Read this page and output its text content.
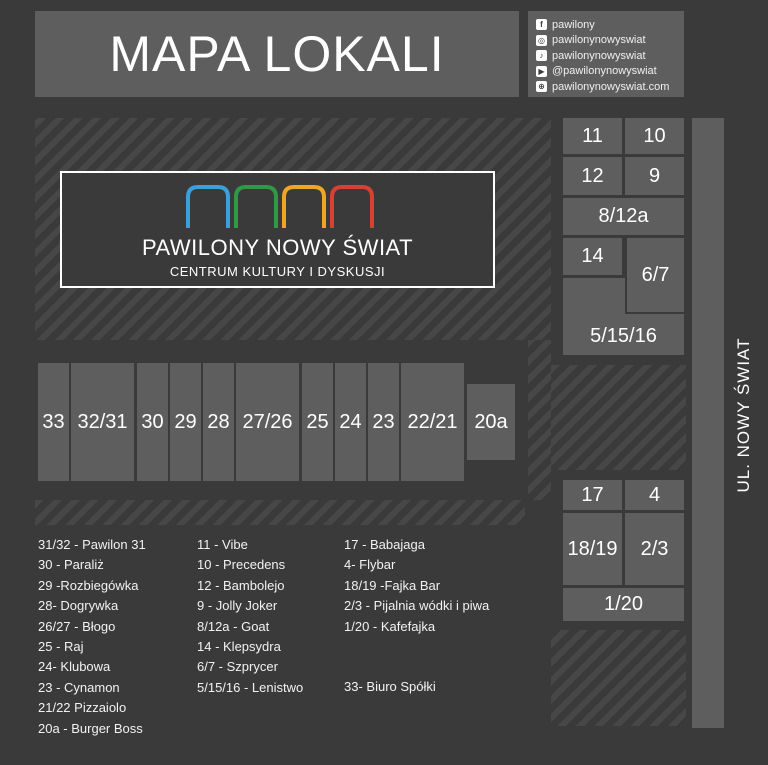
MAPA LOKALI
f pawilony
◎ pawilonynowyswiat
♪ pawilonynowyswiat
▶ @pawilonynowyswiat
⊕ pawilonynowyswiat.com
PAWILONY NOWY ŚWIAT
CENTRUM KULTURY I DYSKUSJI
11	10
12	9
8/12a
14
5/15/16
6/7
33 32/31 30 29 28 27/26 25 24 23 22/21 20a
17	4
18/19	2/3
1/20
UL. NOWY ŚWIAT
31/32 - Pawilon 31
30 - Paraliż
29 -Rozbiegówka
28- Dogrywka
26/27 - Błogo
25 - Raj
24- Klubowa
23 - Cynamon
21/22 Pizzaiolo
20a - Burger Boss
11 - Vibe
10 - Precedens
12 - Bambolejo
9 - Jolly Joker
8/12a - Goat
14 - Klepsydra
6/7 - Szprycer
5/15/16 - Lenistwo
17 - Babajaga
4- Flybar
18/19 -Fajka Bar
2/3 - Pijalnia wódki i piwa
1/20 - Kafefajka
33- Biuro Spółki
